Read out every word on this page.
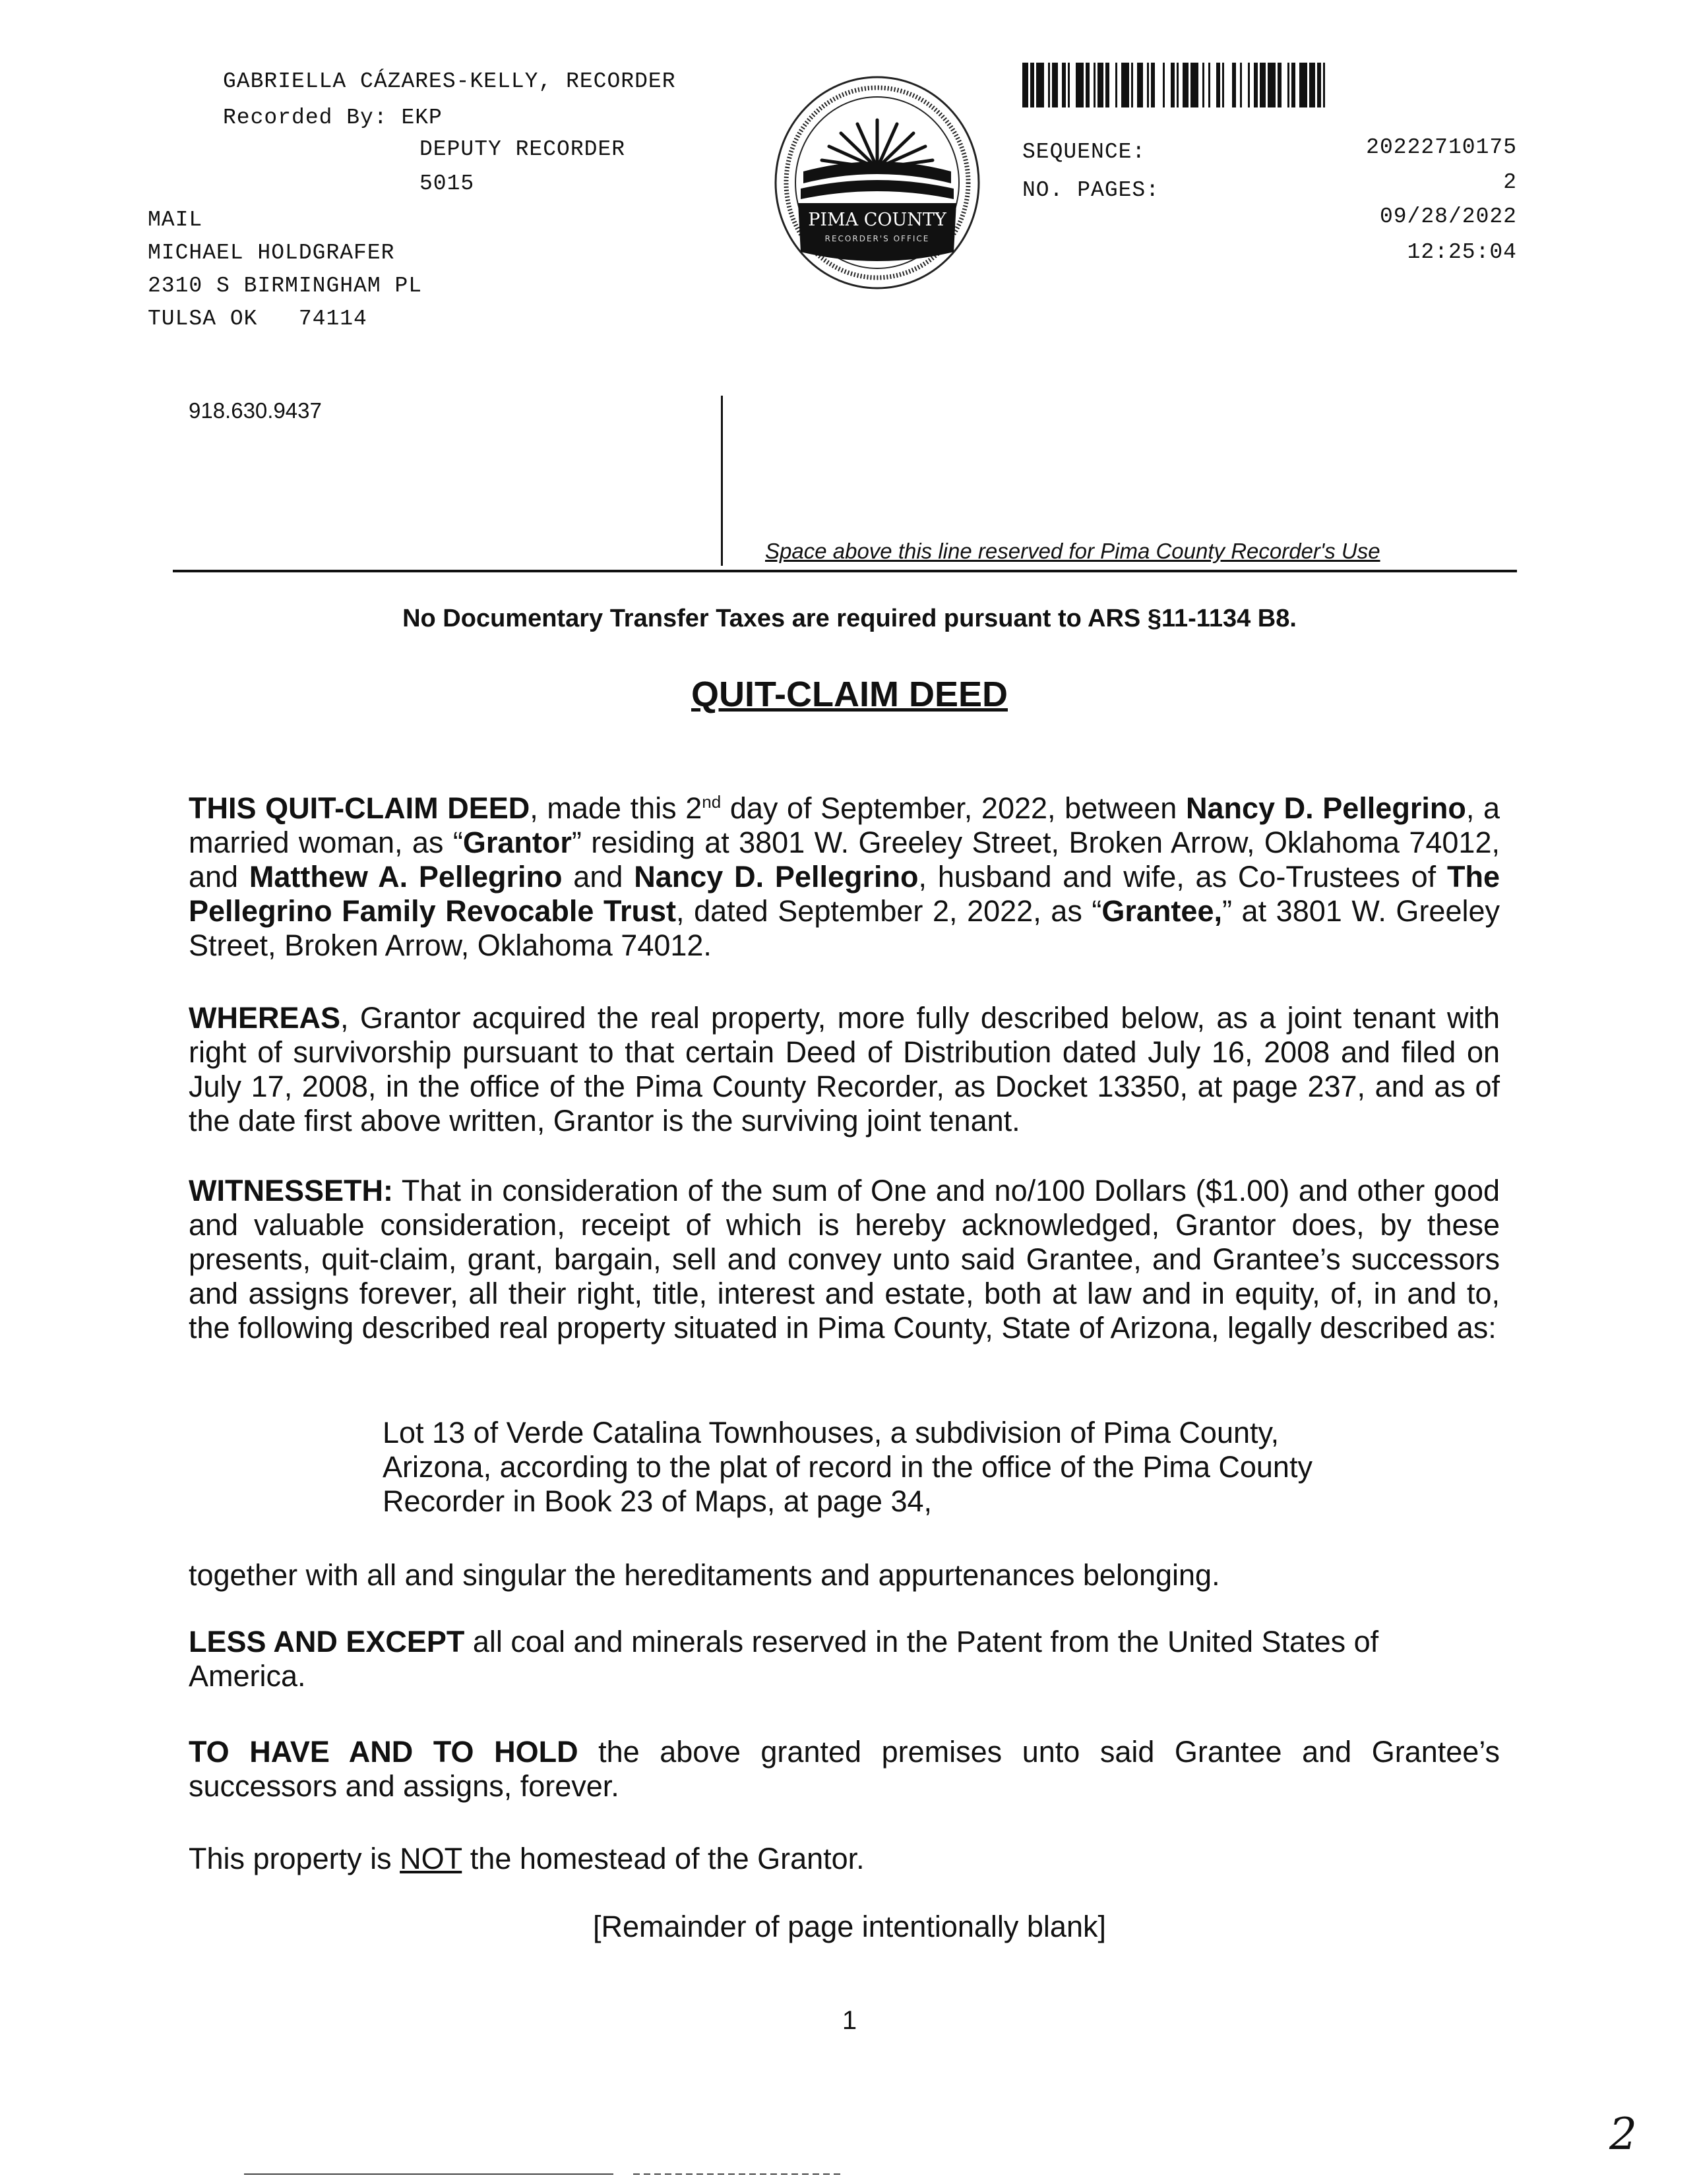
GABRIELLA CÁZARES-KELLY, RECORDER
Recorded By: EKP
DEPUTY RECORDER
5015
MAIL
MICHAEL HOLDGRAFER
2310 S BIRMINGHAM PL
TULSA OK   74114
918.630.9437
PIMA COUNTY
RECORDER'S OFFICE
SEQUENCE:	20222710175
NO. PAGES:	2
09/28/2022
12:25:04
Space above this line reserved for Pima County Recorder's Use
No Documentary Transfer Taxes are required pursuant to ARS §11-1134 B8.
QUIT-CLAIM DEED

THIS QUIT-CLAIM DEED, made this 2nd day of September, 2022, between Nancy D. Pellegrino, a married woman, as “Grantor” residing at 3801 W. Greeley Street, Broken Arrow, Oklahoma 74012, and Matthew A. Pellegrino and Nancy D. Pellegrino, husband and wife, as Co-Trustees of The Pellegrino Family Revocable Trust, dated September 2, 2022, as “Grantee,” at 3801 W. Greeley Street, Broken Arrow, Oklahoma 74012.

WHEREAS, Grantor acquired the real property, more fully described below, as a joint tenant with right of survivorship pursuant to that certain Deed of Distribution dated July 16, 2008 and filed on July 17, 2008, in the office of the Pima County Recorder, as Docket 13350, at page 237, and as of the date first above written, Grantor is the surviving joint tenant.

WITNESSETH: That in consideration of the sum of One and no/100 Dollars ($1.00) and other good and valuable consideration, receipt of which is hereby acknowledged, Grantor does, by these presents, quit-claim, grant, bargain, sell and convey unto said Grantee, and Grantee’s successors and assigns forever, all their right, title, interest and estate, both at law and in equity, of, in and to, the following described real property situated in Pima County, State of Arizona, legally described as:

Lot 13 of Verde Catalina Townhouses, a subdivision of Pima County,
Arizona, according to the plat of record in the office of the Pima County
Recorder in Book 23 of Maps, at page 34,
together with all and singular the hereditaments and appurtenances belonging.

LESS AND EXCEPT all coal and minerals reserved in the Patent from the United States of America.

TO HAVE AND TO HOLD the above granted premises unto said Grantee and Grantee’s successors and assigns, forever.

This property is NOT the homestead of the Grantor.
[Remainder of page intentionally blank]
1
2
